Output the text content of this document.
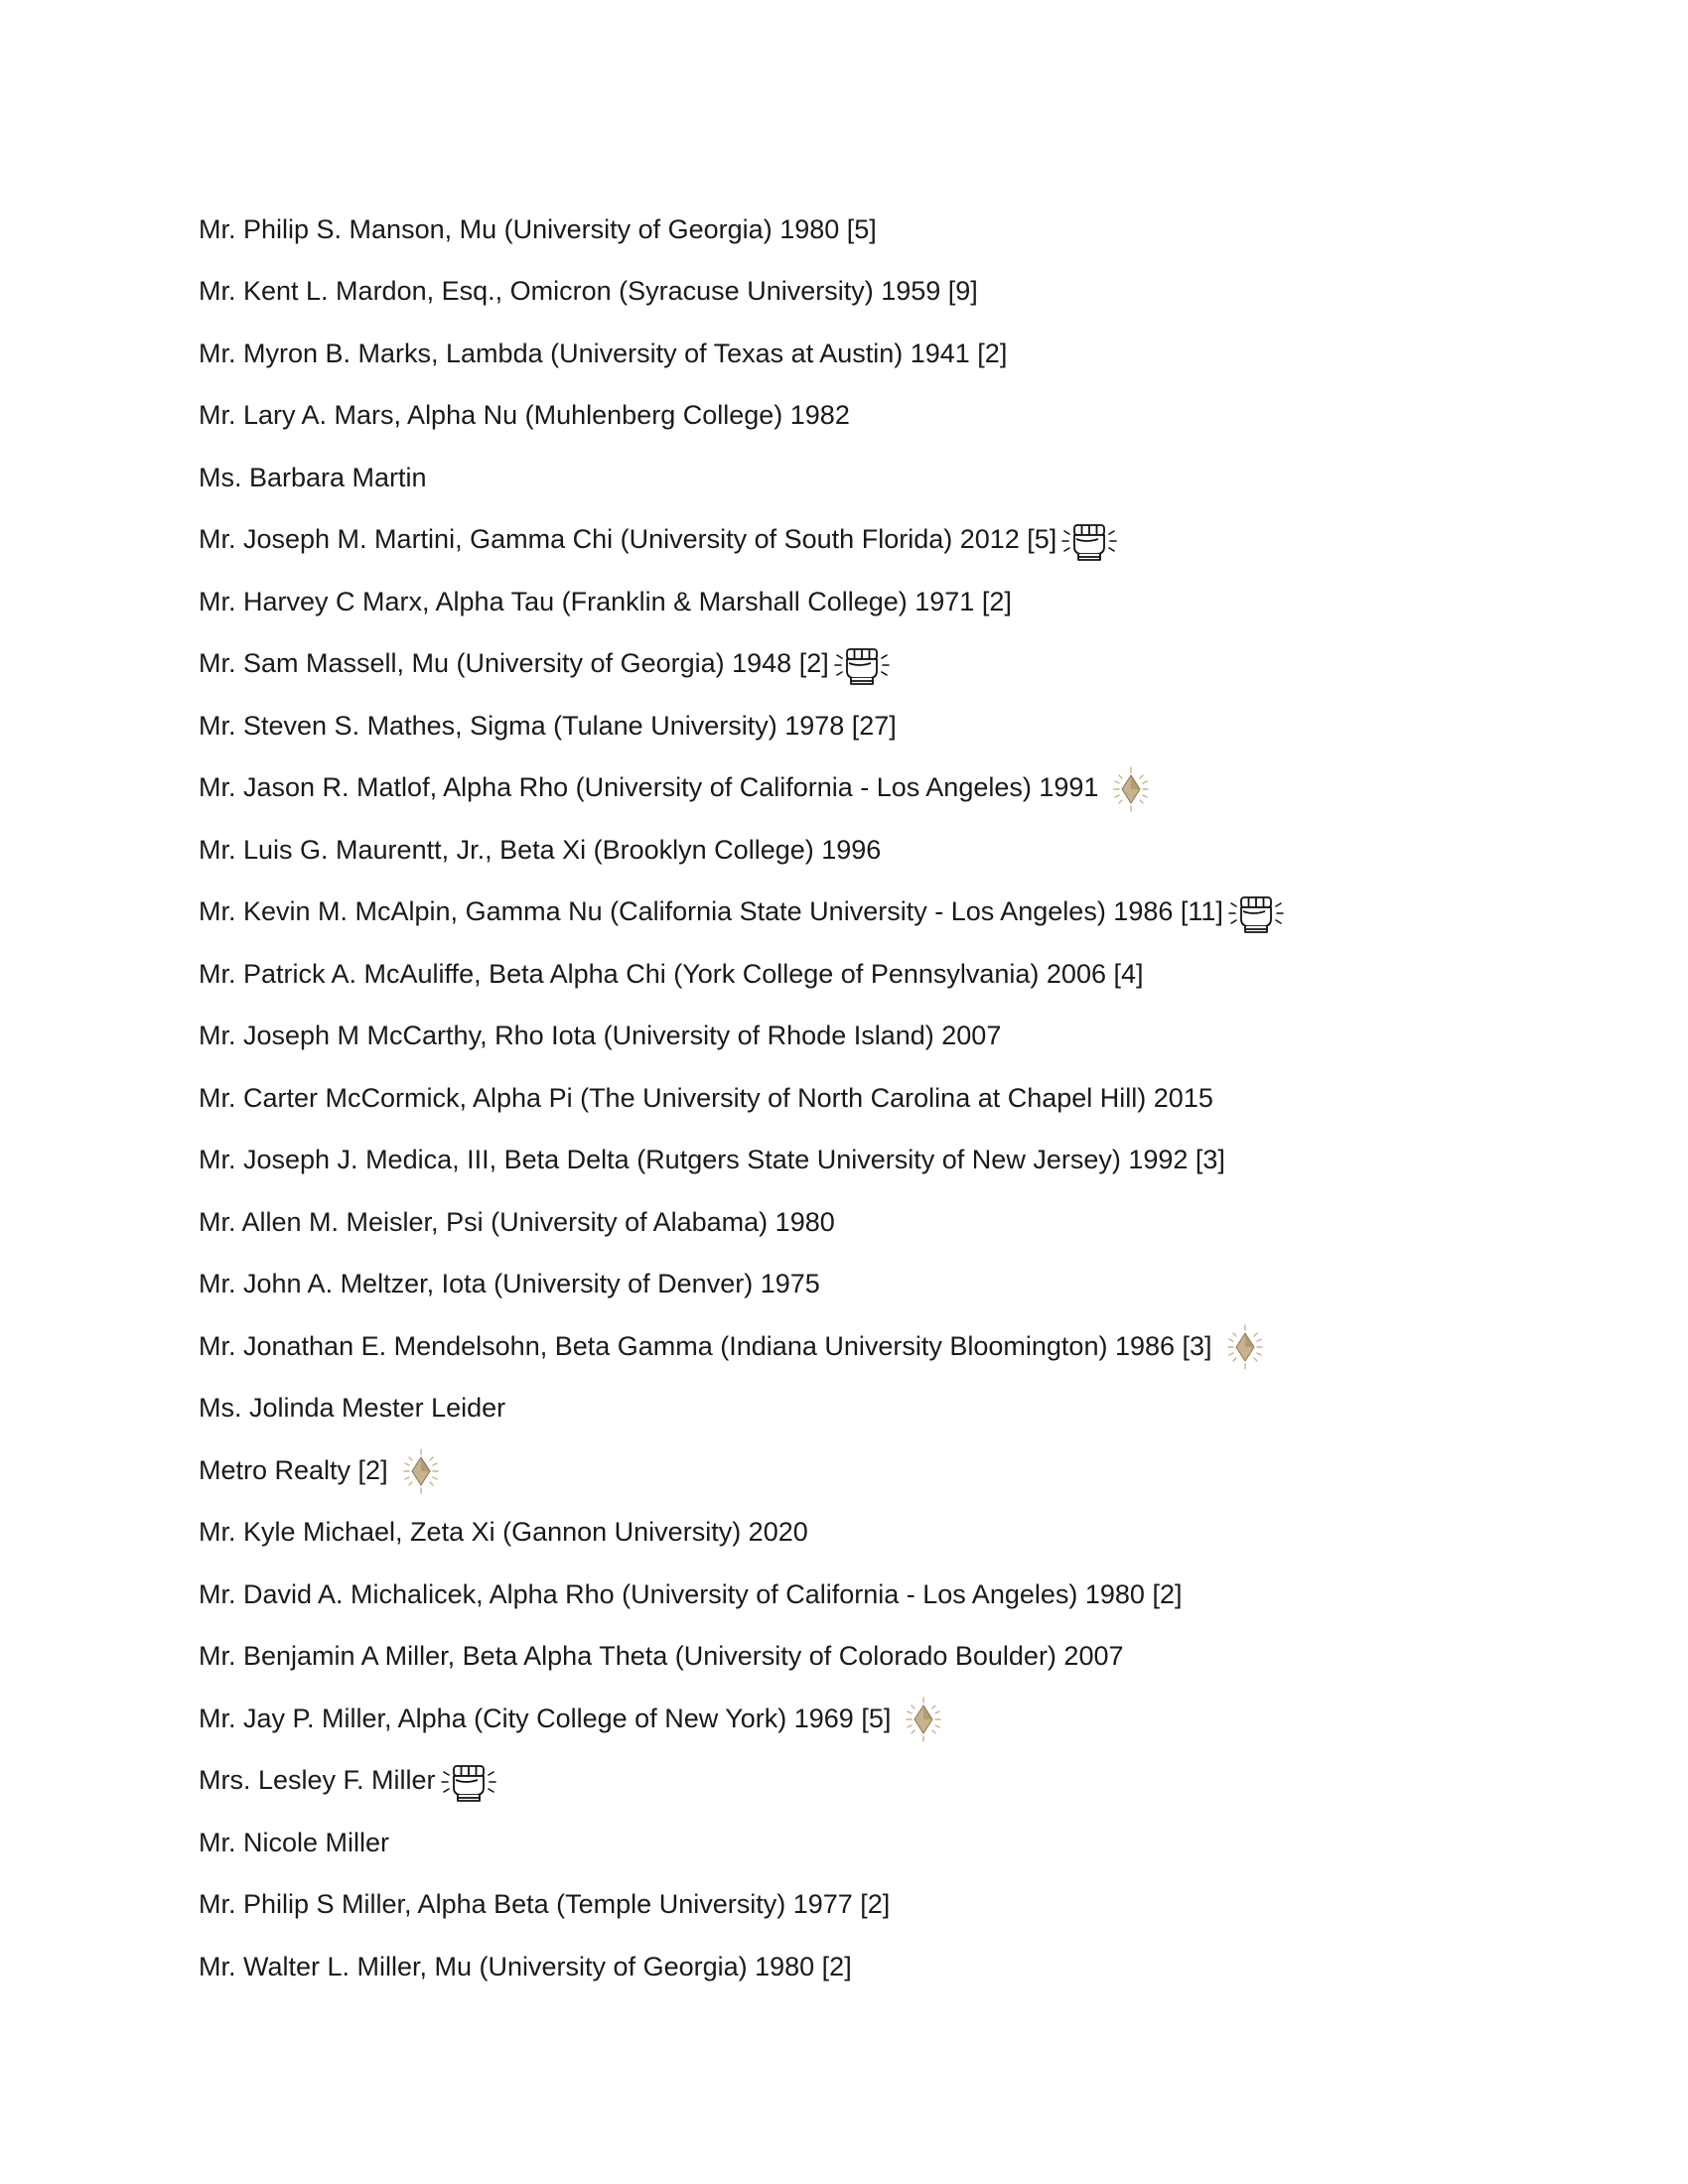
Mr. Philip S. Manson, Mu (University of Georgia) 1980 [5]
Mr. Kent L. Mardon, Esq., Omicron (Syracuse University) 1959 [9]
Mr. Myron B. Marks, Lambda (University of Texas at Austin) 1941 [2]
Mr. Lary A. Mars, Alpha Nu (Muhlenberg College) 1982
Ms. Barbara Martin
Mr. Joseph M. Martini, Gamma Chi (University of South Florida) 2012 [5]
Mr. Harvey C Marx, Alpha Tau (Franklin & Marshall College) 1971 [2]
Mr. Sam Massell, Mu (University of Georgia) 1948 [2]
Mr. Steven S. Mathes, Sigma (Tulane University) 1978 [27]
Mr. Jason R. Matlof, Alpha Rho (University of California - Los Angeles) 1991
Mr. Luis G. Maurentt, Jr., Beta Xi (Brooklyn College) 1996
Mr. Kevin M. McAlpin, Gamma Nu (California State University - Los Angeles) 1986 [11]
Mr. Patrick A. McAuliffe, Beta Alpha Chi (York College of Pennsylvania) 2006 [4]
Mr. Joseph M McCarthy, Rho Iota (University of Rhode Island) 2007
Mr. Carter McCormick, Alpha Pi (The University of North Carolina at Chapel Hill) 2015
Mr. Joseph J. Medica, III, Beta Delta (Rutgers State University of New Jersey) 1992 [3]
Mr. Allen M. Meisler, Psi (University of Alabama) 1980
Mr. John A. Meltzer, Iota (University of Denver) 1975
Mr. Jonathan E. Mendelsohn, Beta Gamma (Indiana University Bloomington) 1986 [3]
Ms. Jolinda Mester Leider
Metro Realty [2]
Mr. Kyle Michael, Zeta Xi (Gannon University) 2020
Mr. David A. Michalicek, Alpha Rho (University of California - Los Angeles) 1980 [2]
Mr. Benjamin A Miller, Beta Alpha Theta (University of Colorado Boulder) 2007
Mr. Jay P. Miller, Alpha (City College of New York) 1969 [5]
Mrs. Lesley F. Miller
Mr. Nicole Miller
Mr. Philip S Miller, Alpha Beta (Temple University) 1977 [2]
Mr. Walter L. Miller, Mu (University of Georgia) 1980 [2]
